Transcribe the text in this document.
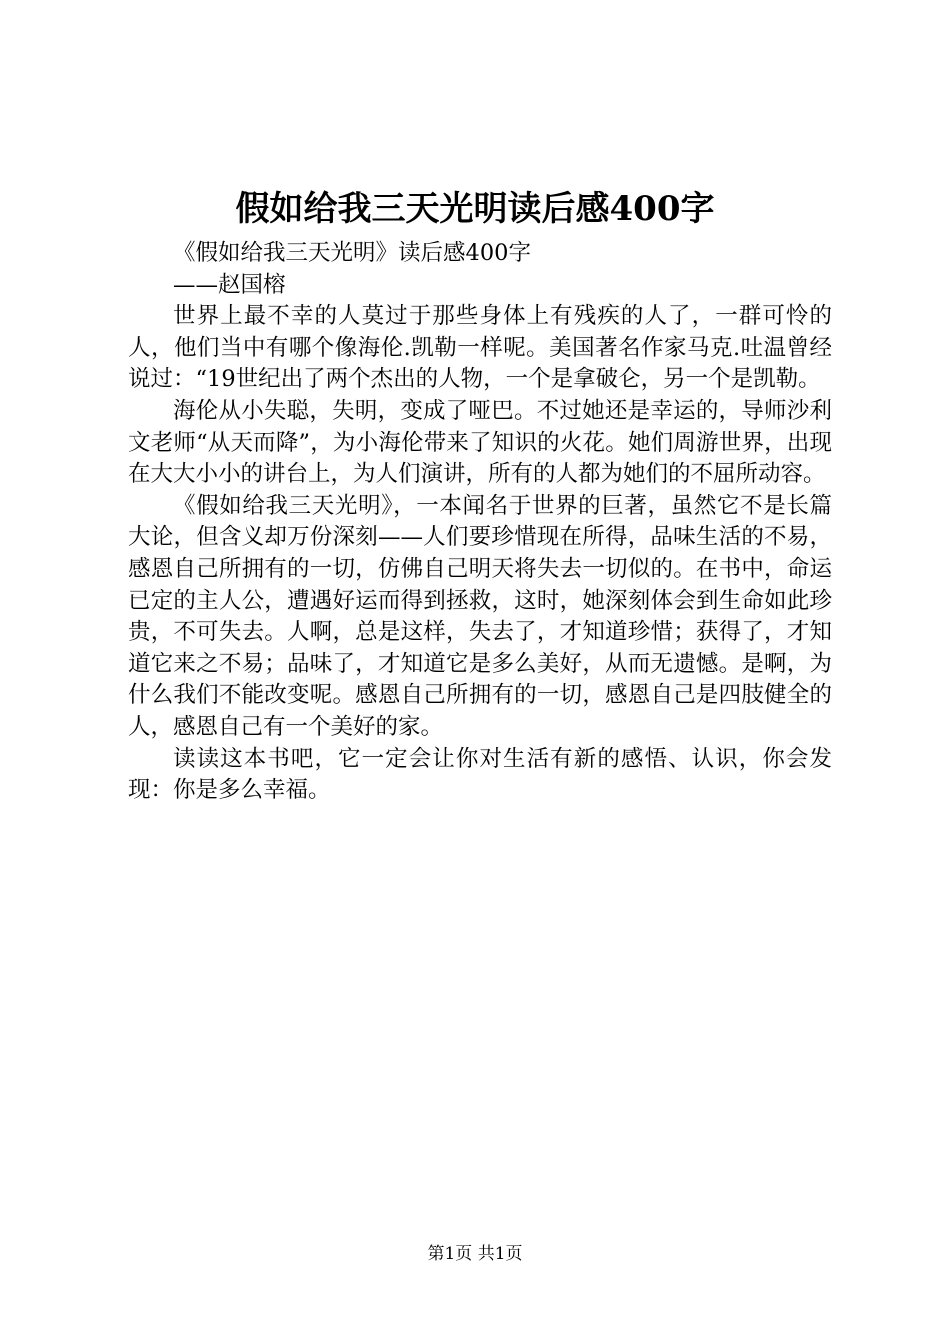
假如给我三天光明读后感400字

《假如给我三天光明》读后感400字

——赵国榕

世界上最不幸的人莫过于那些身体上有残疾的人了，一群可怜的人，他们当中有哪个像海伦.凯勒一样呢。美国著名作家马克.吐温曾经说过：“19世纪出了两个杰出的人物，一个是拿破仑，另一个是凯勒。

海伦从小失聪，失明，变成了哑巴。不过她还是幸运的，导师沙利文老师“从天而降”，为小海伦带来了知识的火花。她们周游世界，出现在大大小小的讲台上，为人们演讲，所有的人都为她们的不屈所动容。

《假如给我三天光明》，一本闻名于世界的巨著，虽然它不是长篇大论，但含义却万份深刻——人们要珍惜现在所得，品味生活的不易，感恩自己所拥有的一切，仿佛自己明天将失去一切似的。在书中，命运已定的主人公，遭遇好运而得到拯救，这时，她深刻体会到生命如此珍贵，不可失去。人啊，总是这样，失去了，才知道珍惜；获得了，才知道它来之不易；品味了，才知道它是多么美好，从而无遗憾。是啊，为什么我们不能改变呢。感恩自己所拥有的一切，感恩自己是四肢健全的人，感恩自己有一个美好的家。

读读这本书吧，它一定会让你对生活有新的感悟、认识，你会发现：你是多么幸福。

第1页 共1页
